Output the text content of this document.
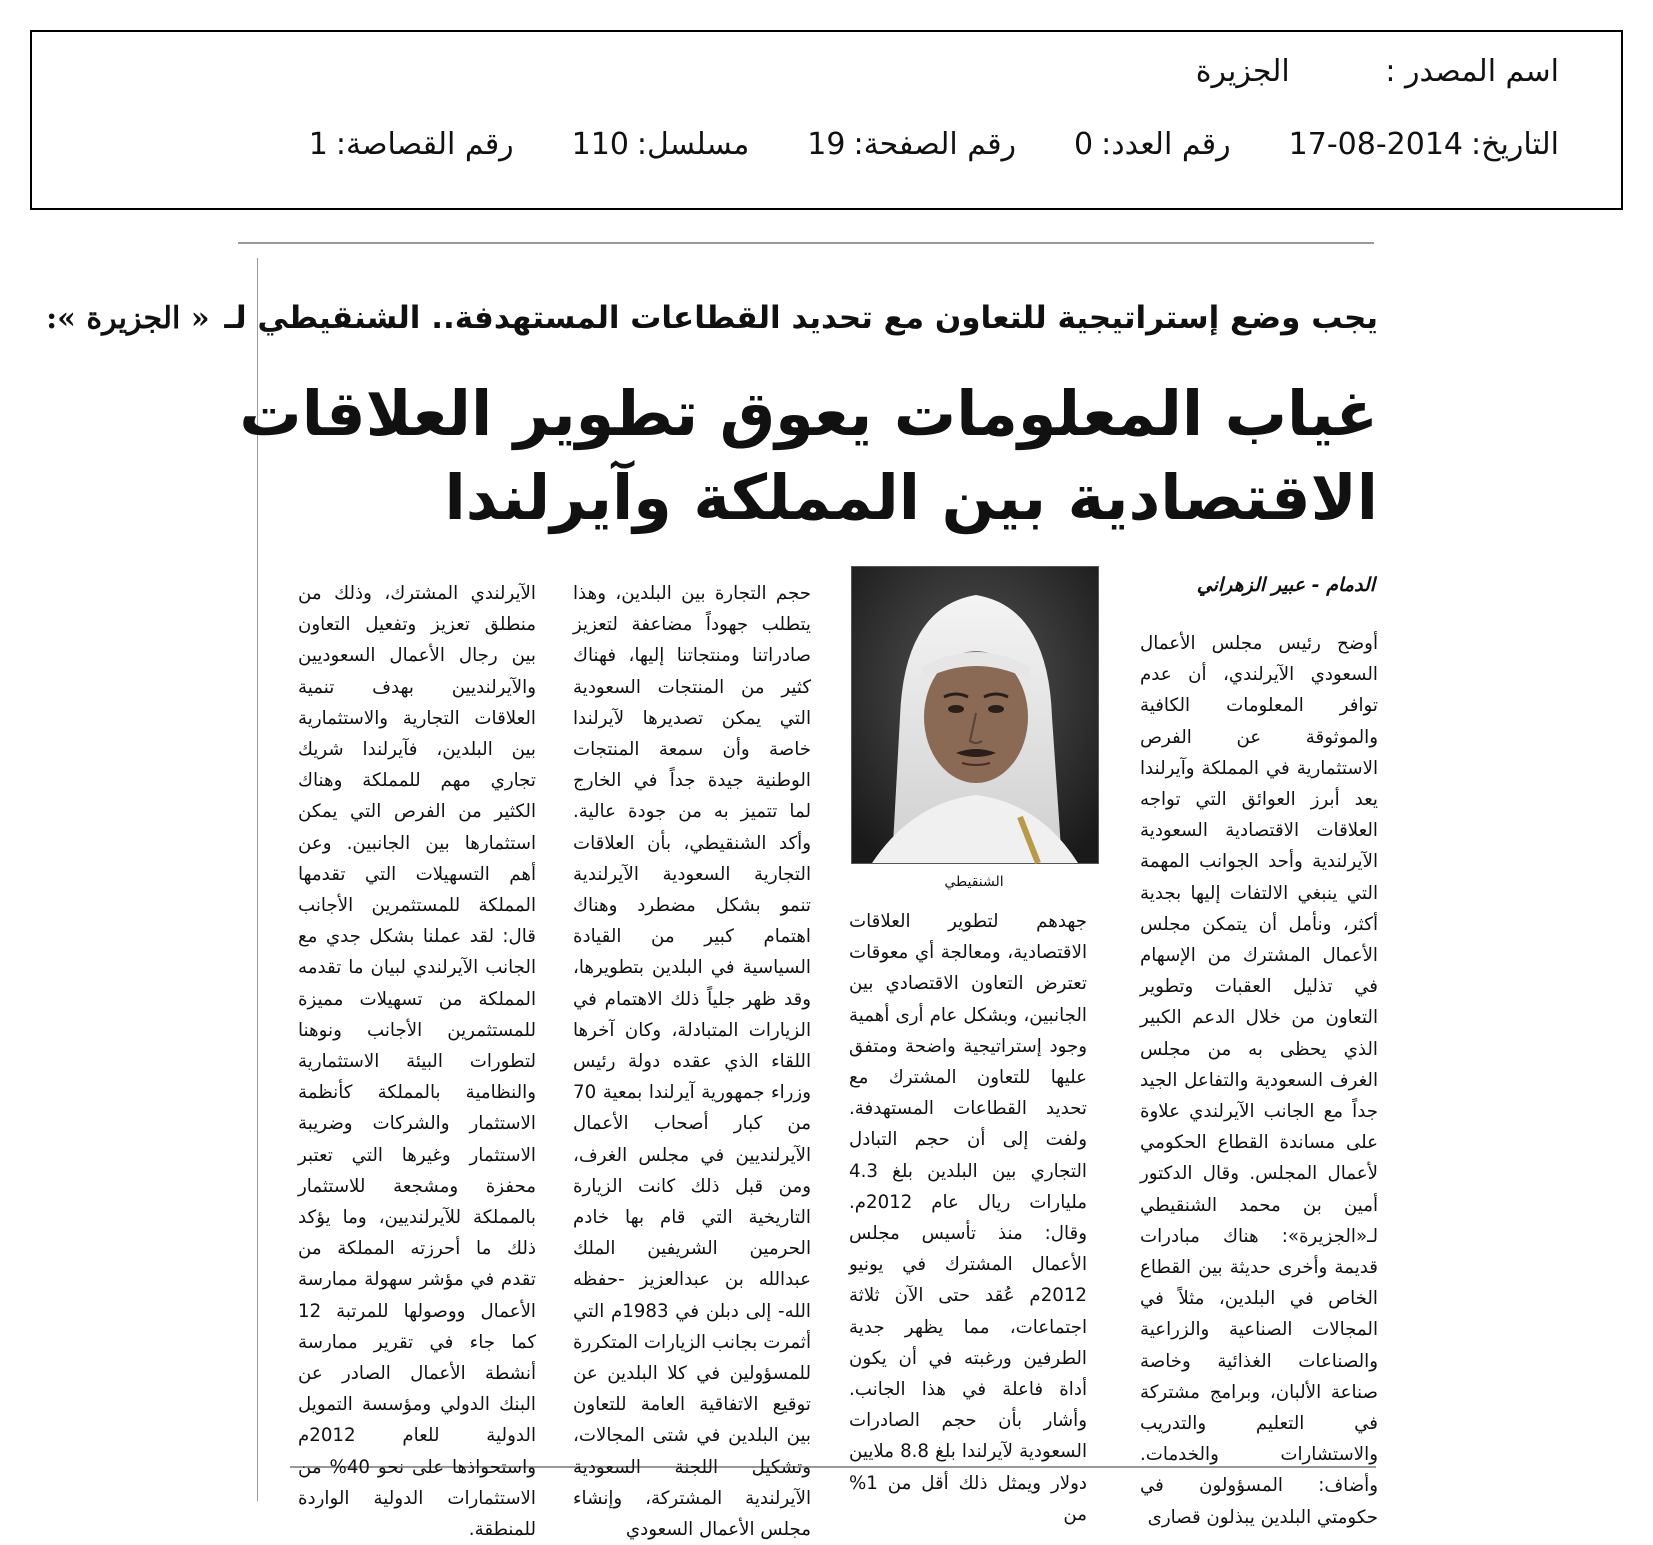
اسم المصدر : الجزيرة
التاريخ:2014-08-17
رقم العدد:0
رقم الصفحة:19
مسلسل:110
رقم القصاصة:1
يجب وضع إستراتيجية للتعاون مع تحديد القطاعات المستهدفة.. الشنقيطي لـ « الجزيرة »:
غياب المعلومات يعوق تطوير العلاقات
الاقتصادية بين المملكة وآيرلندا
الدمام - عبير الزهراني
الشنقيطي

أوضح رئيس مجلس الأعمال السعودي الآيرلندي، أن عدم توافر المعلومات الكافية والموثوقة عن الفرص الاستثمارية في المملكة وآيرلندا يعد أبرز العوائق التي تواجه العلاقات الاقتصادية السعودية الآيرلندية وأحد الجوانب المهمة التي ينبغي الالتفات إليها بجدية أكثر، ونأمل أن يتمكن مجلس الأعمال المشترك من الإسهام في تذليل العقبات وتطوير التعاون من خلال الدعم الكبير الذي يحظى به من مجلس الغرف السعودية والتفاعل الجيد جداً مع الجانب الآيرلندي علاوة على مساندة القطاع الحكومي لأعمال المجلس. وقال الدكتور أمين بن محمد الشنقيطي لـ«الجزيرة»: هناك مبادرات قديمة وأخرى حديثة بين القطاع الخاص في البلدين، مثلاً في المجالات الصناعية والزراعية والصناعات الغذائية وخاصة صناعة الألبان، وبرامج مشتركة في التعليم والتدريب والاستشارات والخدمات. وأضاف: المسؤولون في حكومتي البلدين يبذلون قصارى

جهدهم لتطوير العلاقات الاقتصادية، ومعالجة أي معوقات تعترض التعاون الاقتصادي بين الجانبين، وبشكل عام أرى أهمية وجود إستراتيجية واضحة ومتفق عليها للتعاون المشترك مع تحديد القطاعات المستهدفة. ولفت إلى أن حجم التبادل التجاري بين البلدين بلغ 4.3 مليارات ريال عام 2012م. وقال: منذ تأسيس مجلس الأعمال المشترك في يونيو 2012م عُقد حتى الآن ثلاثة اجتماعات، مما يظهر جدية الطرفين ورغبته في أن يكون أداة فاعلة في هذا الجانب. وأشار بأن حجم الصادرات السعودية لآيرلندا بلغ 8.8 ملايين دولار ويمثل ذلك أقل من 1% من

حجم التجارة بين البلدين، وهذا يتطلب جهوداً مضاعفة لتعزيز صادراتنا ومنتجاتنا إليها، فهناك كثير من المنتجات السعودية التي يمكن تصديرها لآيرلندا خاصة وأن سمعة المنتجات الوطنية جيدة جداً في الخارج لما تتميز به من جودة عالية. وأكد الشنقيطي، بأن العلاقات التجارية السعودية الآيرلندية تنمو بشكل مضطرد وهناك اهتمام كبير من القيادة السياسية في البلدين بتطويرها، وقد ظهر جلياً ذلك الاهتمام في الزيارات المتبادلة، وكان آخرها اللقاء الذي عقده دولة رئيس وزراء جمهورية آيرلندا بمعية 70 من كبار أصحاب الأعمال الآيرلنديين في مجلس الغرف، ومن قبل ذلك كانت الزيارة التاريخية التي قام بها خادم الحرمين الشريفين الملك عبدالله بن عبدالعزيز -حفظه الله- إلى دبلن في 1983م التي أثمرت بجانب الزيارات المتكررة للمسؤولين في كلا البلدين عن توقيع الاتفاقية العامة للتعاون بين البلدين في شتى المجالات، وتشكيل اللجنة السعودية الآيرلندية المشتركة، وإنشاء مجلس الأعمال السعودي

الآيرلندي المشترك، وذلك من منطلق تعزيز وتفعيل التعاون بين رجال الأعمال السعوديين والآيرلنديين بهدف تنمية العلاقات التجارية والاستثمارية بين البلدين، فآيرلندا شريك تجاري مهم للمملكة وهناك الكثير من الفرص التي يمكن استثمارها بين الجانبين. وعن أهم التسهيلات التي تقدمها المملكة للمستثمرين الأجانب قال: لقد عملنا بشكل جدي مع الجانب الآيرلندي لبيان ما تقدمه المملكة من تسهيلات مميزة للمستثمرين الأجانب ونوهنا لتطورات البيئة الاستثمارية والنظامية بالمملكة كأنظمة الاستثمار والشركات وضريبة الاستثمار وغيرها التي تعتبر محفزة ومشجعة للاستثمار بالمملكة للآيرلنديين، وما يؤكد ذلك ما أحرزته المملكة من تقدم في مؤشر سهولة ممارسة الأعمال ووصولها للمرتبة 12 كما جاء في تقرير ممارسة أنشطة الأعمال الصادر عن البنك الدولي ومؤسسة التمويل الدولية للعام 2012م واستحواذها على نحو 40% من الاستثمارات الدولية الواردة للمنطقة.
